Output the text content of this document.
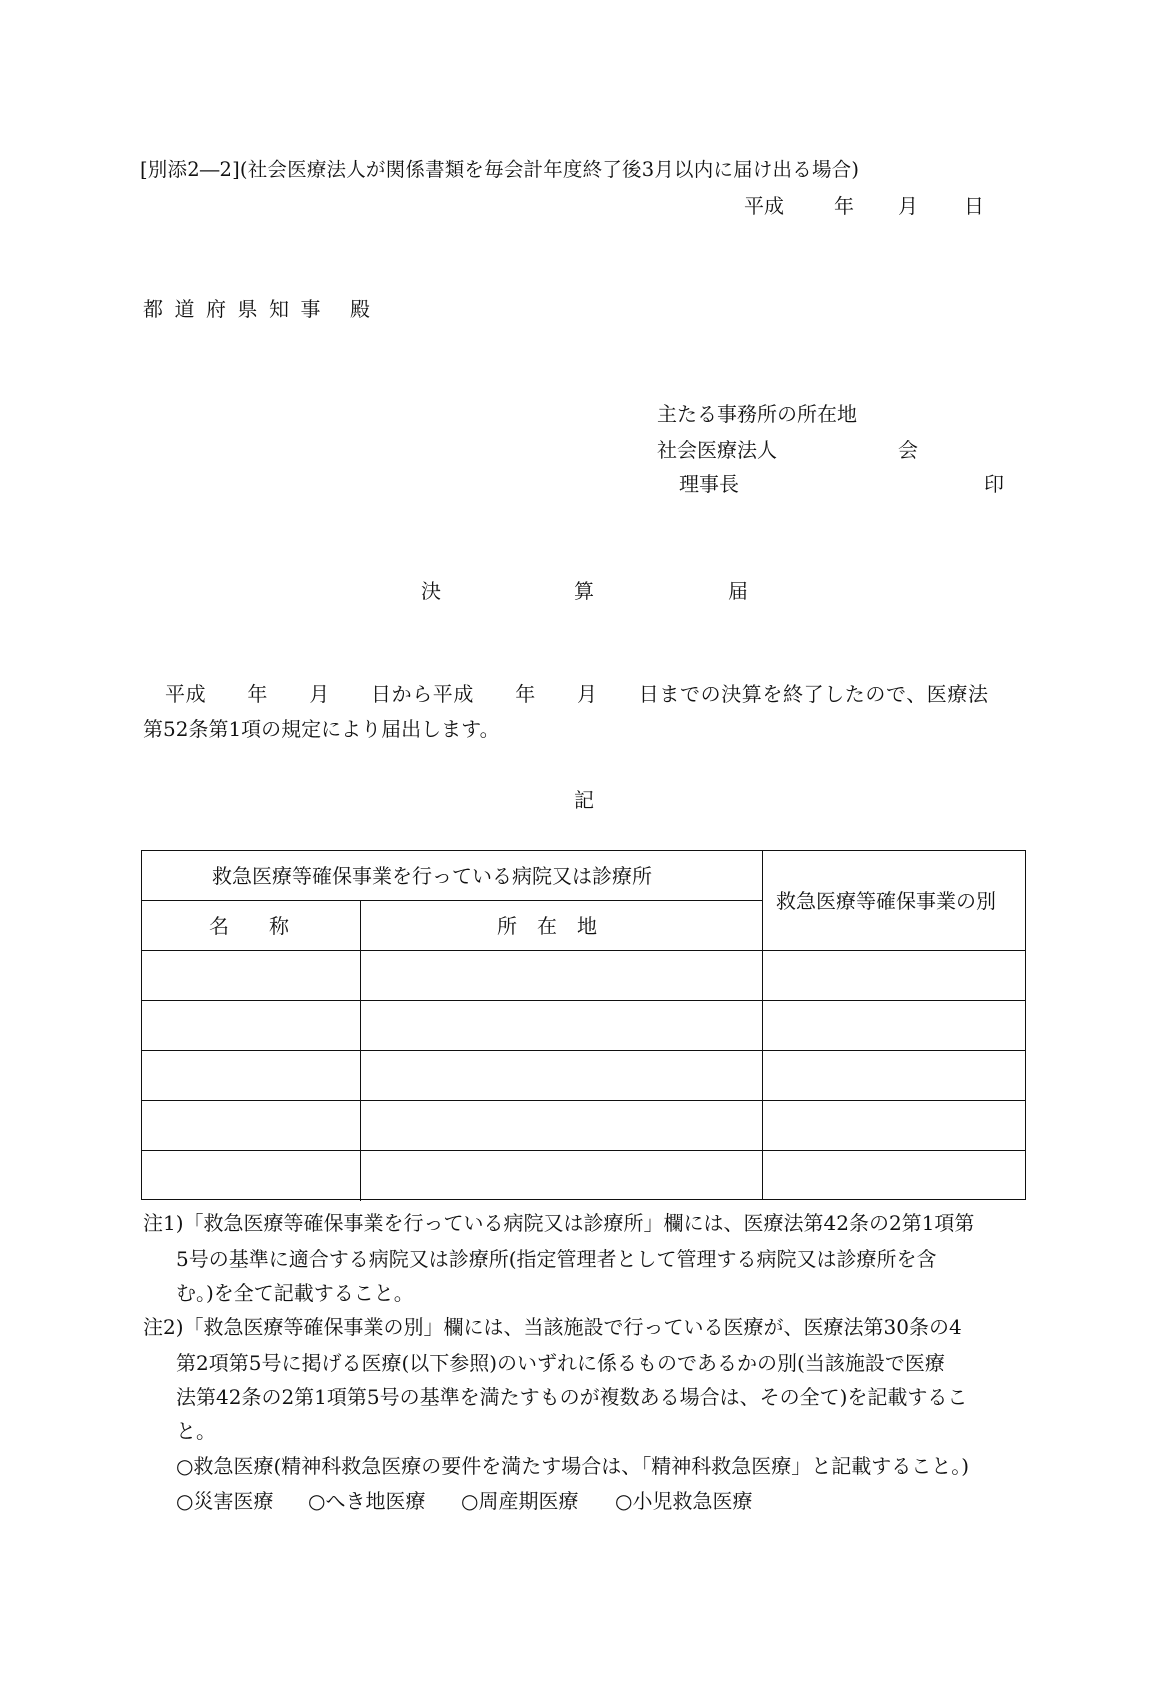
[別添2―2](社会医療法人が関係書類を毎会計年度終了後3月以内に届け出る場合)
平成	年 月 日
都道府県知事 殿
主たる事務所の所在地
社会医療法人	会
理事長	印
決	算	届
平成　　年　　月　　日から平成　　年　　月　　日までの決算を終了したので、医療法
第52条第1項の規定により届出します。
記
救急医療等確保事業を行っている病院又は診療所
名　　称	所　在　地
救急医療等確保事業の別
注1)「救急医療等確保事業を行っている病院又は診療所」欄には、医療法第42条の2第1項第
5号の基準に適合する病院又は診療所(指定管理者として管理する病院又は診療所を含
む。)を全て記載すること。
注2)「救急医療等確保事業の別」欄には、当該施設で行っている医療が、医療法第30条の4
第2項第5号に掲げる医療(以下参照)のいずれに係るものであるかの別(当該施設で医療
法第42条の2第1項第5号の基準を満たすものが複数ある場合は、その全て)を記載するこ
と。
○救急医療(精神科救急医療の要件を満たす場合は、「精神科救急医療」と記載すること。)
○災害医療 ○へき地医療 ○周産期医療 ○小児救急医療
